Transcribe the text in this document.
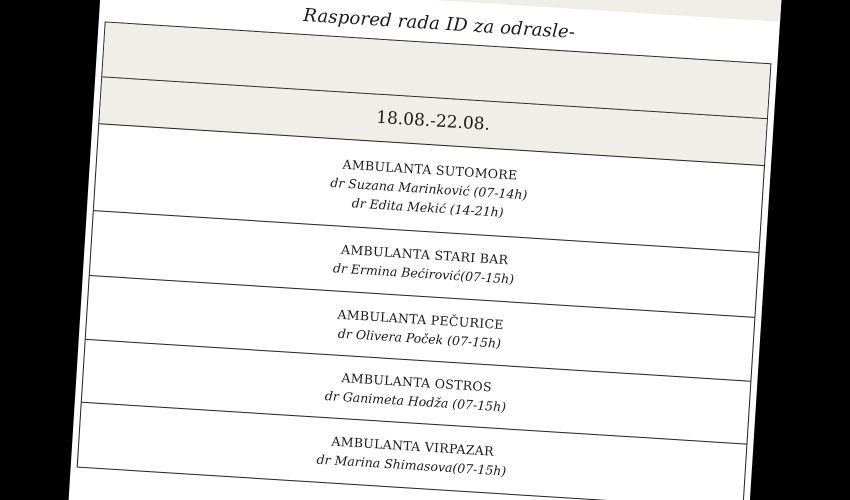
Raspored rada ID za odrasle-
18.08.-22.08.
AMBULANTA SUTOMORE
dr Suzana Marinković (07-14h)
dr Edita Mekić (14-21h)
AMBULANTA STARI BAR
dr Ermina Bećirović(07-15h)
AMBULANTA PEČURICE
dr Olivera Poček (07-15h)
AMBULANTA OSTROS
dr Ganimeta Hodža (07-15h)
AMBULANTA VIRPAZAR
dr Marina Shimasova(07-15h)
